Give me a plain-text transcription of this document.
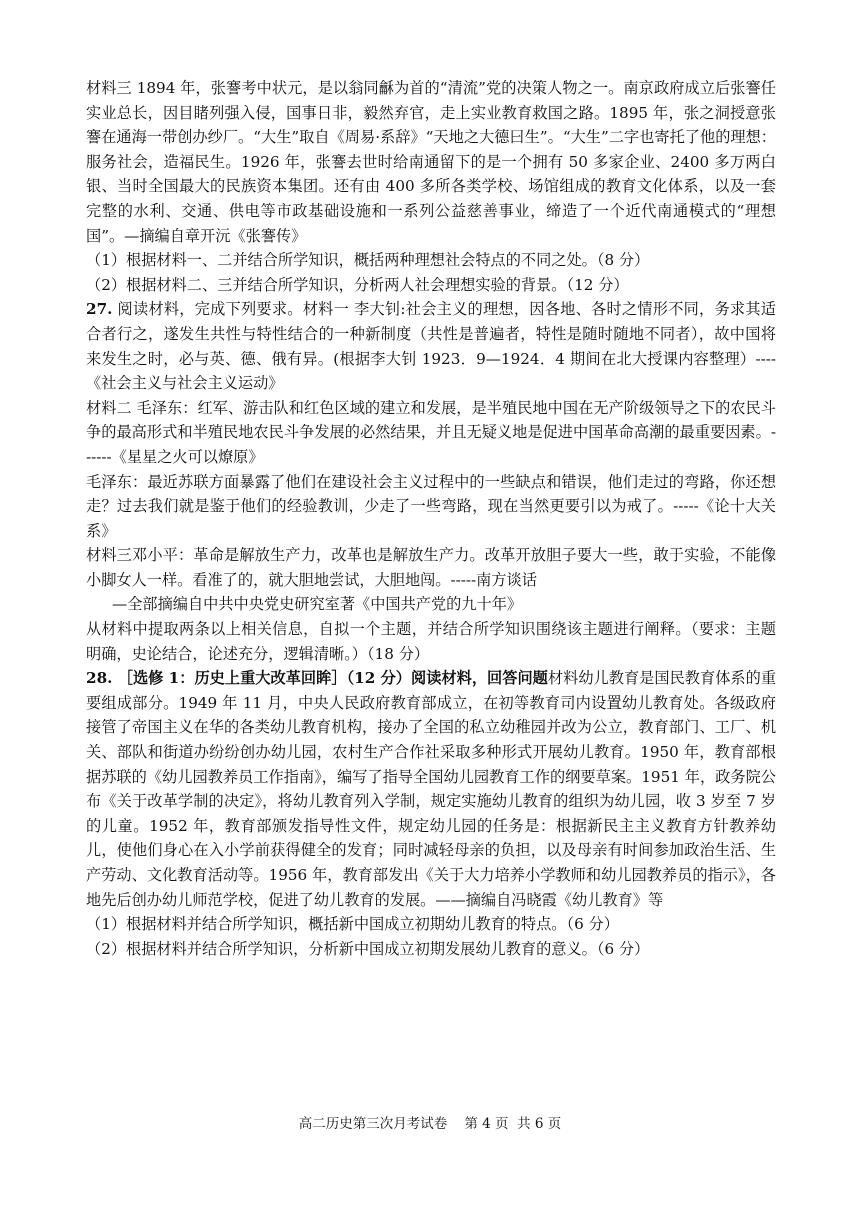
材料三 1894 年，张謇考中状元，是以翁同龢为首的“清流”党的决策人物之一。南京政府成立后张謇任实业总长，因目睹列强入侵，国事日非，毅然弃官，走上实业教育救国之路。1895 年，张之洞授意张謇在通海一带创办纱厂。“大生”取自《周易·系辞》“天地之大德曰生”。“大生”二字也寄托了他的理想：服务社会，造福民生。1926 年，张謇去世时给南通留下的是一个拥有 50 多家企业、2400 多万两白银、当时全国最大的民族资本集团。还有由 400 多所各类学校、场馆组成的教育文化体系，以及一套完整的水利、交通、供电等市政基础设施和一系列公益慈善事业，缔造了一个近代南通模式的“理想国”。—摘编自章开沅《张謇传》

（1）根据材料一、二并结合所学知识，概括两种理想社会特点的不同之处。（8 分）

（2）根据材料二、三并结合所学知识，分析两人社会理想实验的背景。（12 分）

27. 阅读材料，完成下列要求。材料一 李大钊:社会主义的理想，因各地、各时之情形不同，务求其适合者行之，遂发生共性与特性结合的一种新制度（共性是普遍者，特性是随时随地不同者），故中国将来发生之时，必与英、德、俄有异。(根据李大钊 1923．9—1924．4 期间在北大授课内容整理）----《社会主义与社会主义运动》

材料二 毛泽东：红军、游击队和红色区域的建立和发展，是半殖民地中国在无产阶级领导之下的农民斗争的最高形式和半殖民地农民斗争发展的必然结果，并且无疑义地是促进中国革命高潮的最重要因素。------《星星之火可以燎原》

毛泽东：最近苏联方面暴露了他们在建设社会主义过程中的一些缺点和错误，他们走过的弯路，你还想走？过去我们就是鉴于他们的经验教训，少走了一些弯路，现在当然更要引以为戒了。-----《论十大关系》

材料三邓小平：革命是解放生产力，改革也是解放生产力。改革开放胆子要大一些，敢于实验，不能像小脚女人一样。看准了的，就大胆地尝试，大胆地闯。-----南方谈话

—全部摘编自中共中央党史研究室著《中国共产党的九十年》

从材料中提取两条以上相关信息，自拟一个主题，并结合所学知识围绕该主题进行阐释。（要求：主题明确，史论结合，论述充分，逻辑清晰。）（18 分）

28. ［选修 1：历史上重大改革回眸］（12 分）阅读材料，回答问题材料幼儿教育是国民教育体系的重要组成部分。1949 年 11 月，中央人民政府教育部成立，在初等教育司内设置幼儿教育处。各级政府接管了帝国主义在华的各类幼儿教育机构，接办了全国的私立幼稚园并改为公立，教育部门、工厂、机关、部队和街道办纷纷创办幼儿园，农村生产合作社采取多种形式开展幼儿教育。1950 年，教育部根据苏联的《幼儿园教养员工作指南》，编写了指导全国幼儿园教育工作的纲要草案。1951 年，政务院公布《关于改革学制的决定》，将幼儿教育列入学制，规定实施幼儿教育的组织为幼儿园，收 3 岁至 7 岁的儿童。1952 年，教育部颁发指导性文件，规定幼儿园的任务是：根据新民主主义教育方针教养幼儿，使他们身心在入小学前获得健全的发育；同时减轻母亲的负担，以及母亲有时间参加政治生活、生产劳动、文化教育活动等。1956 年，教育部发出《关于大力培养小学教师和幼儿园教养员的指示》，各地先后创办幼儿师范学校，促进了幼儿教育的发展。——摘编自冯晓霞《幼儿教育》等

（1）根据材料并结合所学知识，概括新中国成立初期幼儿教育的特点。（6 分）

（2）根据材料并结合所学知识，分析新中国成立初期发展幼儿教育的意义。（6 分）

高二历史第三次月考试卷    第 4 页  共 6 页
